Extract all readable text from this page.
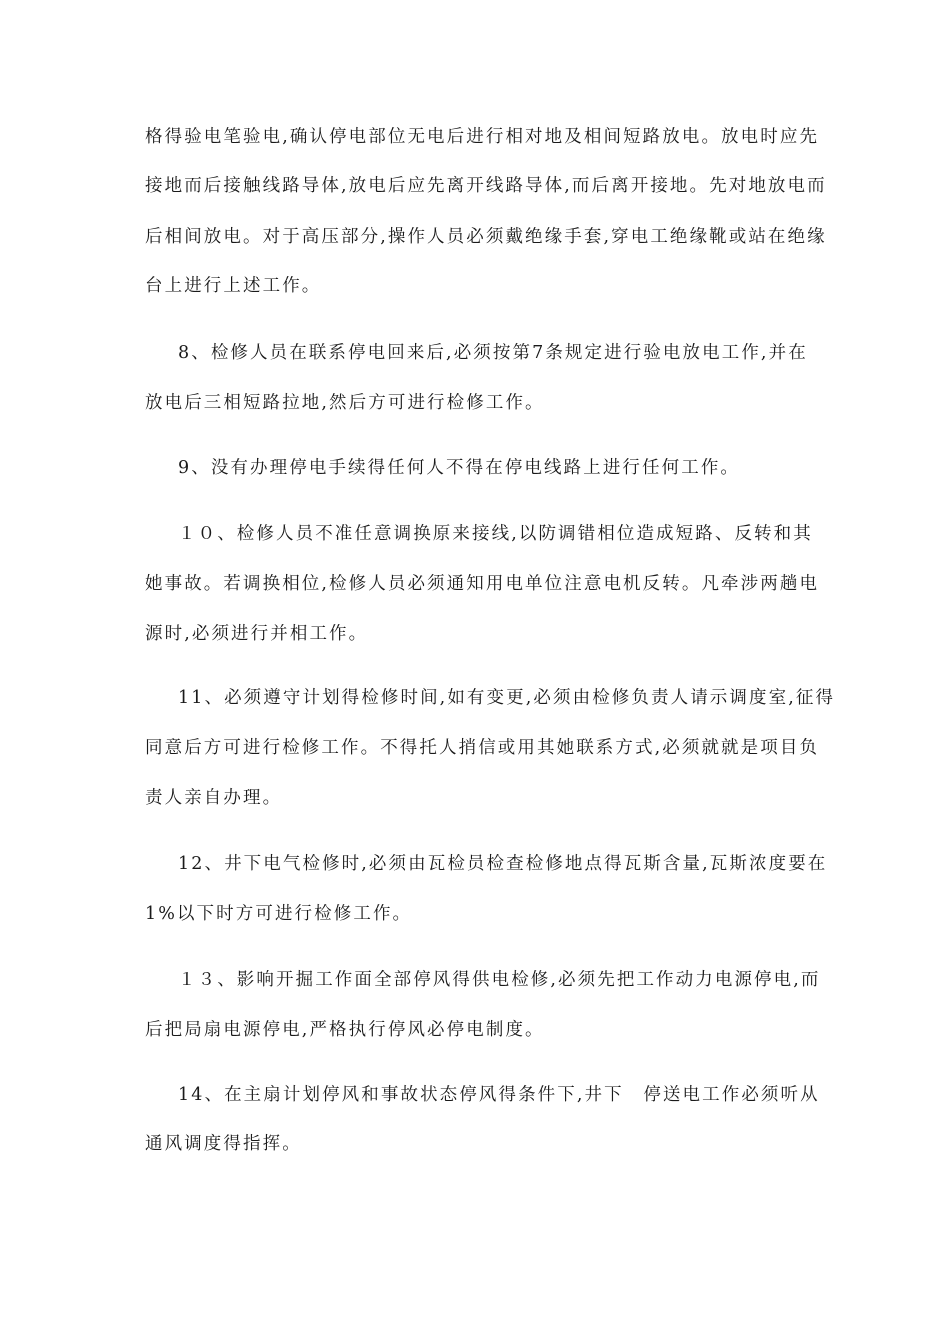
格得验电笔验电,确认停电部位无电后进行相对地及相间短路放电。放电时应先
接地而后接触线路导体,放电后应先离开线路导体,而后离开接地。先对地放电而
后相间放电。对于高压部分,操作人员必须戴绝缘手套,穿电工绝缘靴或站在绝缘
台上进行上述工作。
8、检修人员在联系停电回来后,必须按第7条规定进行验电放电工作,并在
放电后三相短路拉地,然后方可进行检修工作。
9、没有办理停电手续得任何人不得在停电线路上进行任何工作。
１０、检修人员不准任意调换原来接线,以防调错相位造成短路、反转和其
她事故。若调换相位,检修人员必须通知用电单位注意电机反转。凡牵涉两趟电
源时,必须进行并相工作。
11、必须遵守计划得检修时间,如有变更,必须由检修负责人请示调度室,征得
同意后方可进行检修工作。不得托人捎信或用其她联系方式,必须就就是项目负
责人亲自办理。
12、井下电气检修时,必须由瓦检员检查检修地点得瓦斯含量,瓦斯浓度要在
1%以下时方可进行检修工作。
１３、影响开掘工作面全部停风得供电检修,必须先把工作动力电源停电,而
后把局扇电源停电,严格执行停风必停电制度。
14、在主扇计划停风和事故状态停风得条件下,井下　停送电工作必须听从
通风调度得指挥。
